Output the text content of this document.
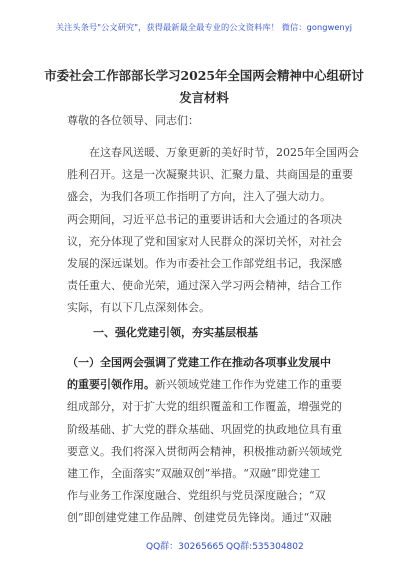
关注头条号"公文研究"，获得最新最全最专业的公文资料库！ 微信：gongwenyj
市委社会工作部部长学习2025年全国两会精神中心组研讨
发言材料
尊敬的各位领导、同志们：
　　在这春风送暖、万象更新的美好时节，2025年全国两会
胜利召开。这是一次凝聚共识、汇聚力量、共商国是的重要
盛会，为我们各项工作指明了方向，注入了强大动力。
两会期间，习近平总书记的重要讲话和大会通过的各项决
议，充分体现了党和国家对人民群众的深切关怀，对社会
发展的深远谋划。作为市委社会工作部党组书记，我深感
责任重大、使命光荣，通过深入学习两会精神，结合工作
实际，有以下几点深刻体会。
一、强化党建引领，夯实基层根基
（一）全国两会强调了党建工作在推动各项事业发展中
的重要引领作用。新兴领域党建工作作为党建工作的重要
组成部分，对于扩大党的组织覆盖和工作覆盖，增强党的
阶级基础、扩大党的群众基础、巩固党的执政地位具有重
要意义。我们将深入贯彻两会精神，积极推动新兴领域党
建工作，全面落实“双融双创”举措。“双融”即党建工
作与业务工作深度融合、党组织与党员深度融合；“双
创”即创建党建工作品牌、创建党员先锋岗。通过“双融
QQ群：30265665 QQ群:535304802
